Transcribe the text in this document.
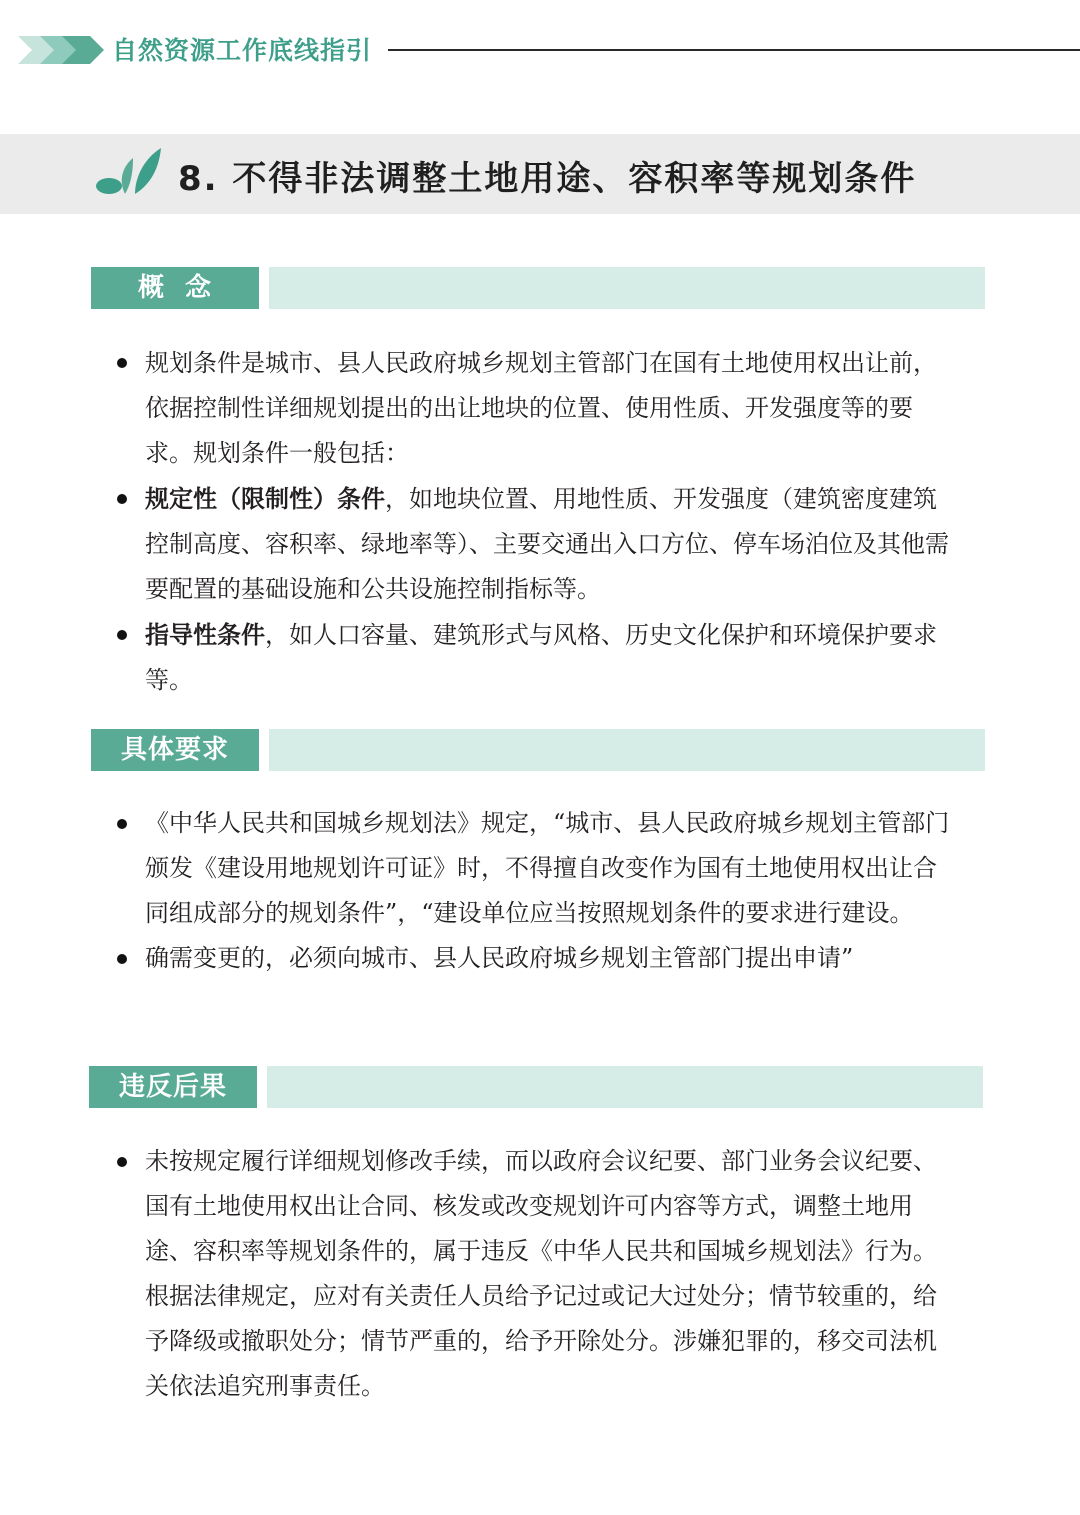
自然资源工作底线指引
8. 不得非法调整土地用途、容积率等规划条件
概  念
规划条件是城市、县人民政府城乡规划主管部门在国有土地使用权出让前，依据控制性详细规划提出的出让地块的位置、使用性质、开发强度等的要求。规划条件一般包括：
规定性（限制性）条件，如地块位置、用地性质、开发强度（建筑密度建筑控制高度、容积率、绿地率等）、主要交通出入口方位、停车场泊位及其他需要配置的基础设施和公共设施控制指标等。
指导性条件，如人口容量、建筑形式与风格、历史文化保护和环境保护要求等。
具体要求
《中华人民共和国城乡规划法》规定，“城市、县人民政府城乡规划主管部门颁发《建设用地规划许可证》时，不得擅自改变作为国有土地使用权出让合同组成部分的规划条件”，“建设单位应当按照规划条件的要求进行建设。
确需变更的，必须向城市、县人民政府城乡规划主管部门提出申请”
违反后果
未按规定履行详细规划修改手续，而以政府会议纪要、部门业务会议纪要、国有土地使用权出让合同、核发或改变规划许可内容等方式，调整土地用途、容积率等规划条件的，属于违反《中华人民共和国城乡规划法》行为。根据法律规定，应对有关责任人员给予记过或记大过处分；情节较重的，给予降级或撤职处分；情节严重的，给予开除处分。涉嫌犯罪的，移交司法机关依法追究刑事责任。
